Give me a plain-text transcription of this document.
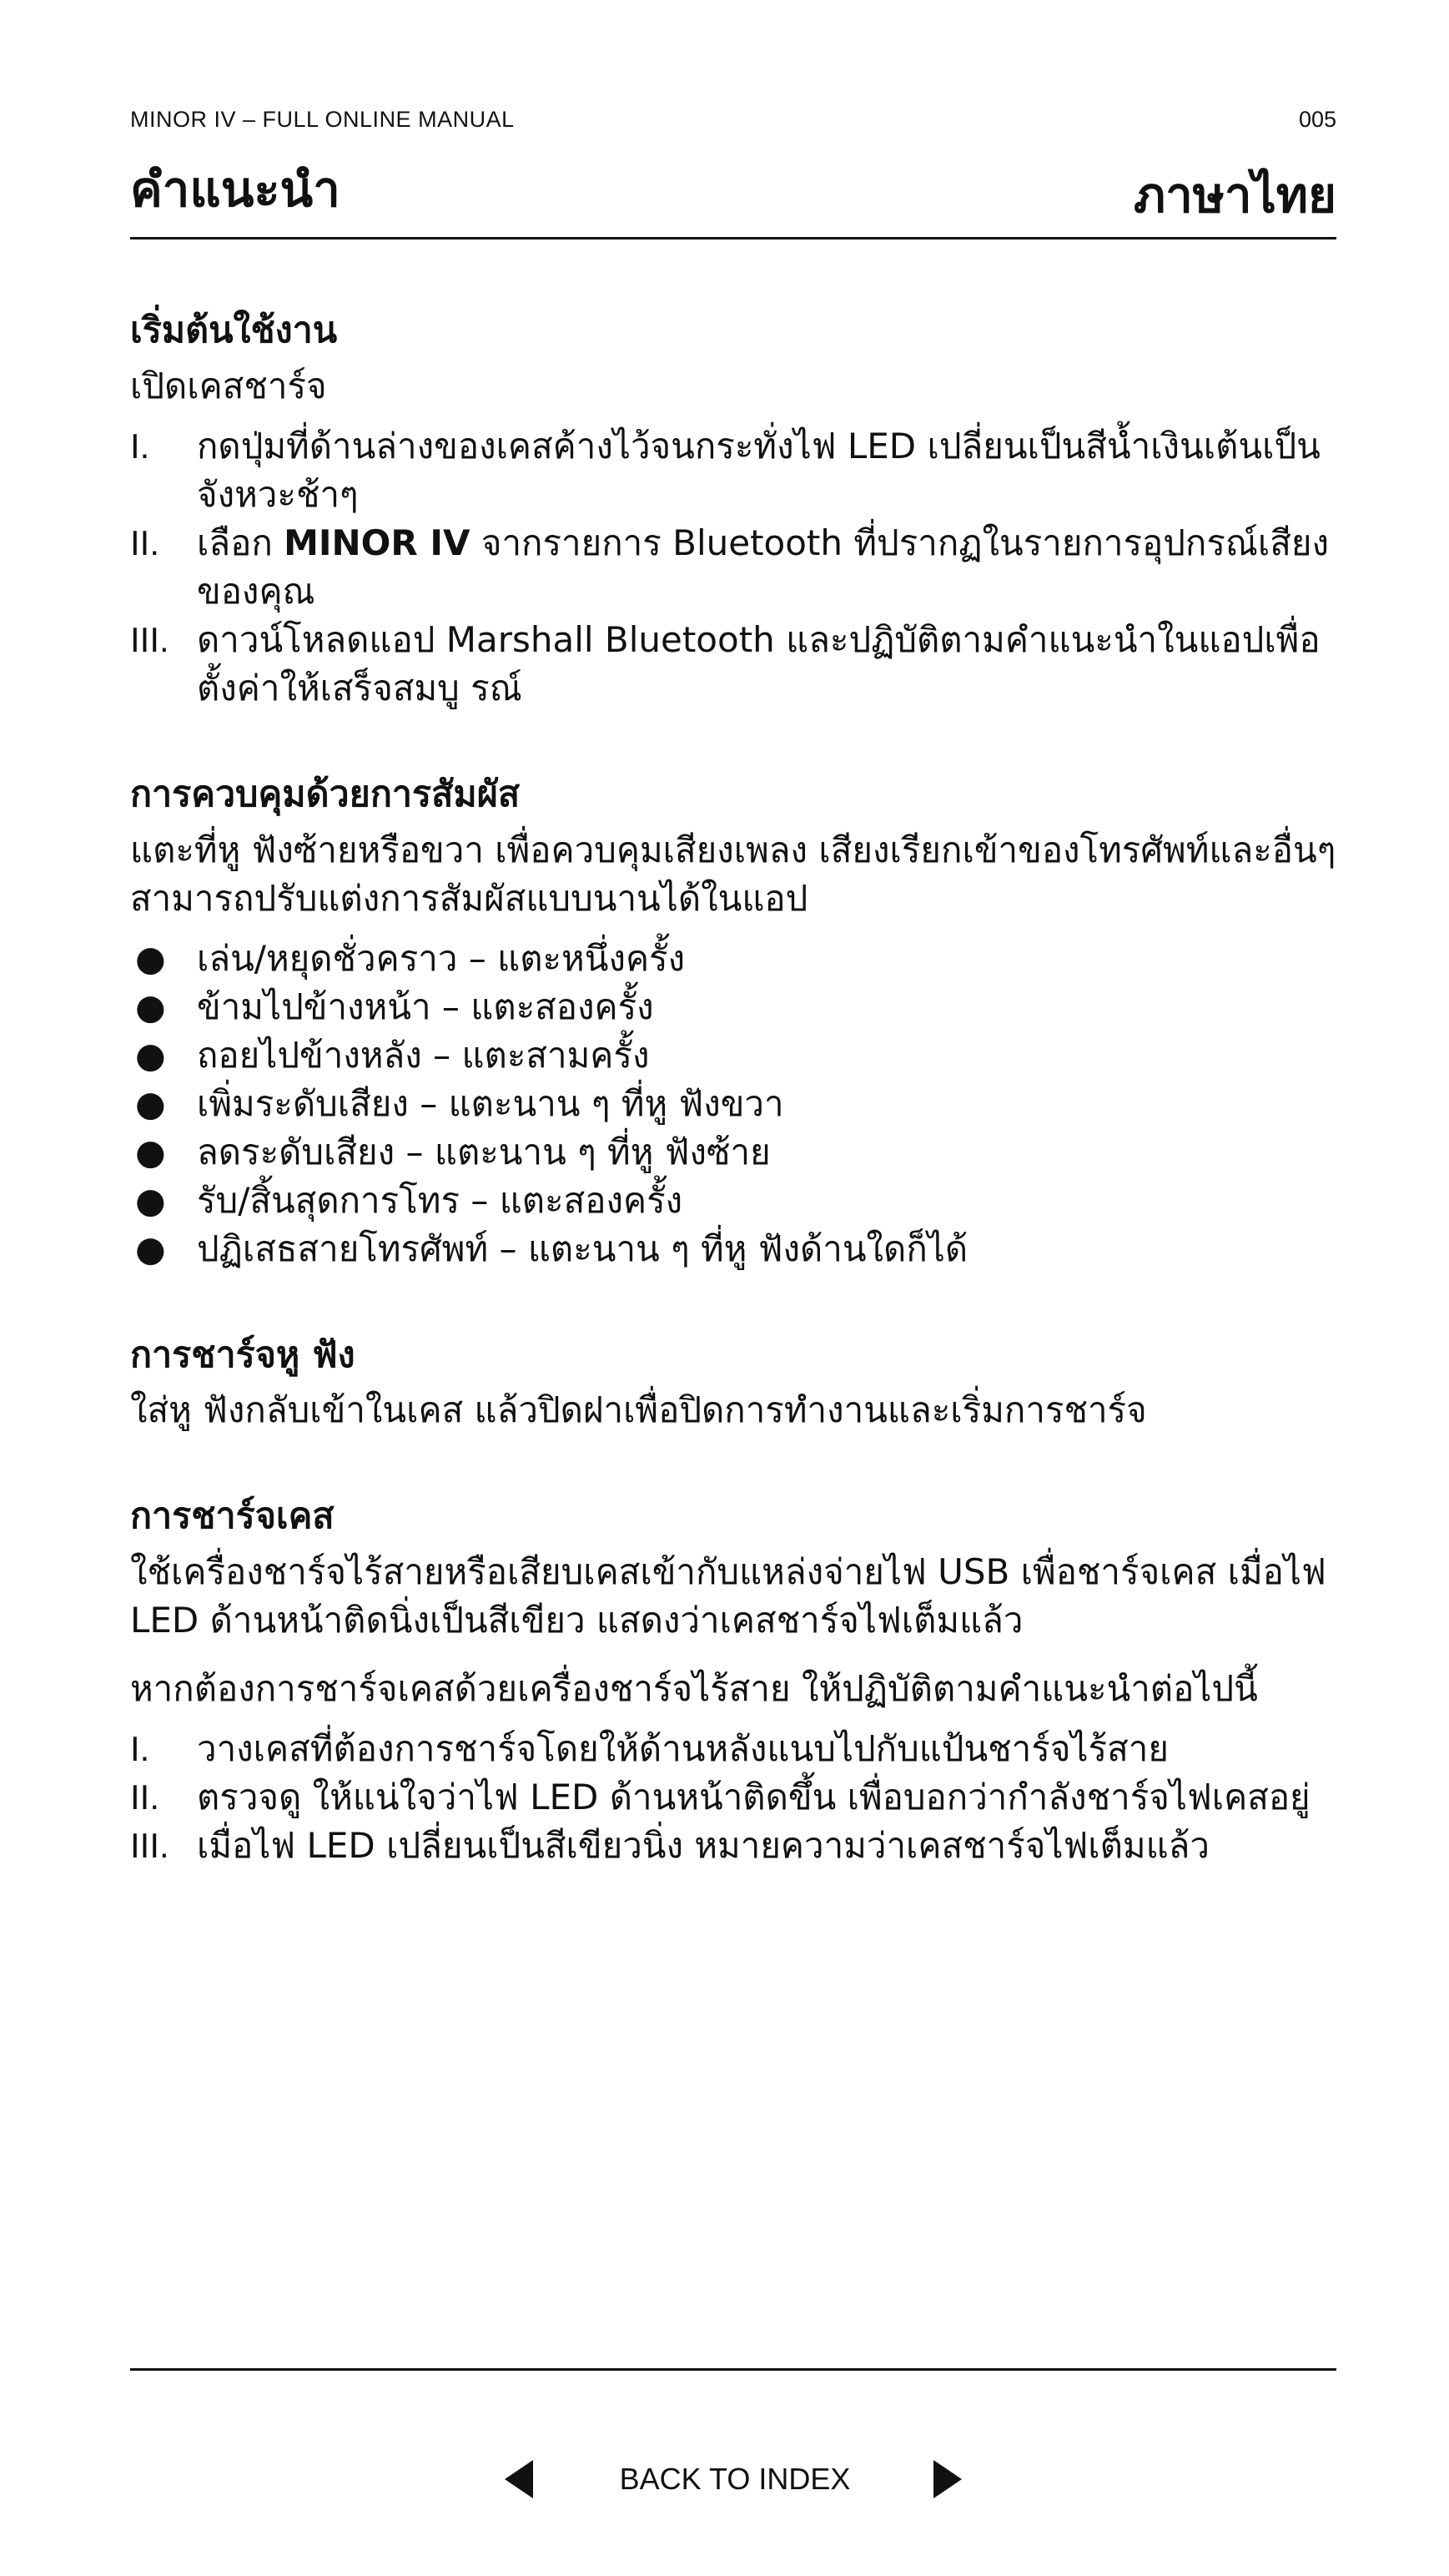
MINOR IV – FULL ONLINE MANUAL	005
คำแนะนำ	ภาษาไทย
เริ่มต้นใช้งาน

เปิดเคสชาร์จ

I. กดปุ่มที่ด้านล่างของเคสค้างไว้จนกระทั่งไฟ LED เปลี่ยนเป็นสีน้ำเงินเต้นเป็นจังหวะช้าๆ
II. เลือก MINOR IV จากรายการ Bluetooth ที่ปรากฏในรายการอุปกรณ์เสียงของคุณ
III. ดาวน์โหลดแอป Marshall Bluetooth และปฏิบัติตามคำแนะนำในแอปเพื่อตั้งค่าให้เสร็จสมบู รณ์
การควบคุมด้วยการสัมผัส

แตะที่หู ฟังซ้ายหรือขวา เพื่อควบคุมเสียงเพลง เสียงเรียกเข้าของโทรศัพท์และอื่นๆ สามารถปรับแต่งการสัมผัสแบบนานได้ในแอป

● เล่น/หยุดชั่วคราว – แตะหนึ่งครั้ง
● ข้ามไปข้างหน้า – แตะสองครั้ง
● ถอยไปข้างหลัง – แตะสามครั้ง
● เพิ่มระดับเสียง – แตะนาน ๆ ที่หู ฟังขวา
● ลดระดับเสียง – แตะนาน ๆ ที่หู ฟังซ้าย
● รับ/สิ้นสุดการโทร – แตะสองครั้ง
● ปฏิเสธสายโทรศัพท์ – แตะนาน ๆ ที่หู ฟังด้านใดก็ได้
การชาร์จหู ฟัง

ใส่หู ฟังกลับเข้าในเคส แล้วปิดฝาเพื่อปิดการทำงานและเริ่มการชาร์จ

การชาร์จเคส

ใช้เครื่องชาร์จไร้สายหรือเสียบเคสเข้ากับแหล่งจ่ายไฟ USB เพื่อชาร์จเคส เมื่อไฟ LED ด้านหน้าติดนิ่งเป็นสีเขียว แสดงว่าเคสชาร์จไฟเต็มแล้ว

หากต้องการชาร์จเคสด้วยเครื่องชาร์จไร้สาย ให้ปฏิบัติตามคำแนะนำต่อไปนี้

I. วางเคสที่ต้องการชาร์จโดยให้ด้านหลังแนบไปกับแป้นชาร์จไร้สาย
II. ตรวจดู ให้แน่ใจว่าไฟ LED ด้านหน้าติดขึ้น เพื่อบอกว่ากำลังชาร์จไฟเคสอยู่
III. เมื่อไฟ LED เปลี่ยนเป็นสีเขียวนิ่ง หมายความว่าเคสชาร์จไฟเต็มแล้ว
BACK TO INDEX
